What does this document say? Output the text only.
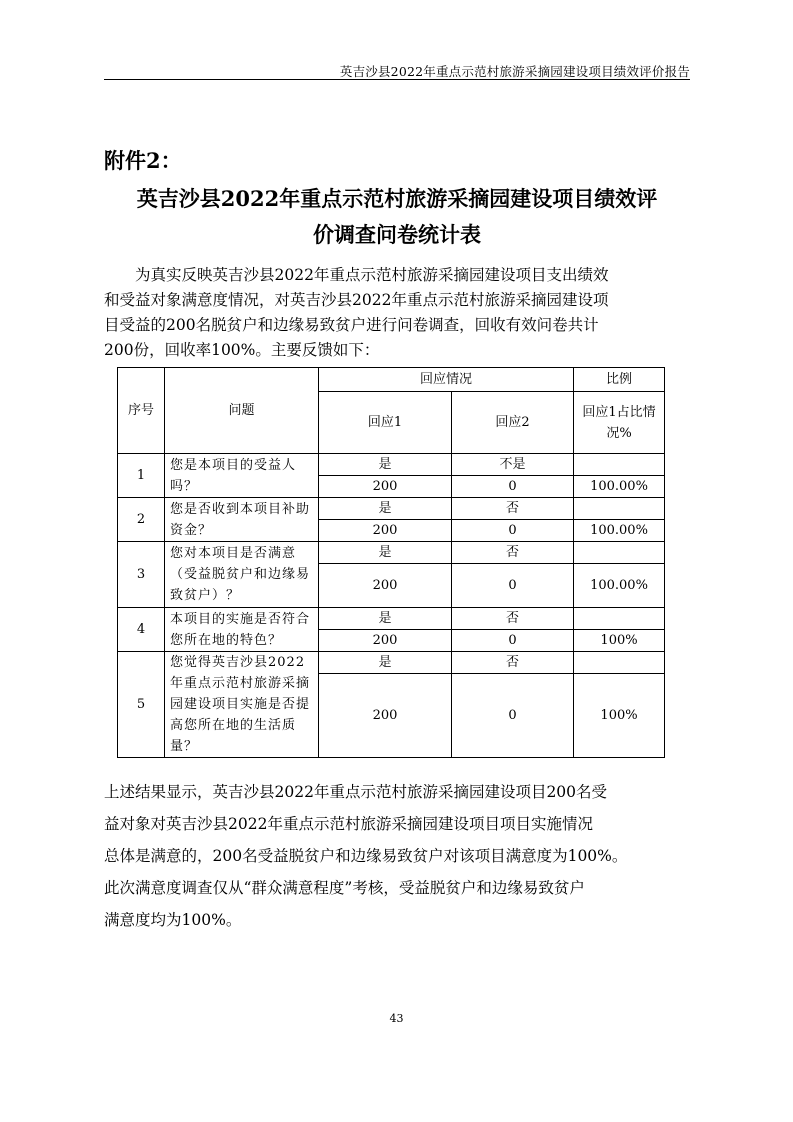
英吉沙县2022年重点示范村旅游采摘园建设项目绩效评价报告
附件2：
英吉沙县2022年重点示范村旅游采摘园建设项目绩效评
价调查问卷统计表
为真实反映英吉沙县2022年重点示范村旅游采摘园建设项目支出绩效
和受益对象满意度情况，对英吉沙县2022年重点示范村旅游采摘园建设项
目受益的200名脱贫户和边缘易致贫户进行问卷调查，回收有效问卷共计
200份，回收率100%。主要反馈如下：
序号	问题	回应情况		比例
		回应1	回应2	回应1占比情况%
1	您是本项目的受益人吗？	是	不是	
		200	0	100.00%
2	您是否收到本项目补助资金？	是	否	
		200	0	100.00%
3	您对本项目是否满意（受益脱贫户和边缘易致贫户）？	是	否	
		200	0	100.00%
4	本项目的实施是否符合您所在地的特色？	是	否	
		200	0	100%
5	您觉得英吉沙县2022年重点示范村旅游采摘园建设项目实施是否提高您所在地的生活质量？	是	否	
		200	0	100%
上述结果显示，英吉沙县2022年重点示范村旅游采摘园建设项目200名受
益对象对英吉沙县2022年重点示范村旅游采摘园建设项目项目实施情况
总体是满意的，200名受益脱贫户和边缘易致贫户对该项目满意度为100%。
此次满意度调查仅从“群众满意程度”考核，受益脱贫户和边缘易致贫户
满意度均为100%。
43
